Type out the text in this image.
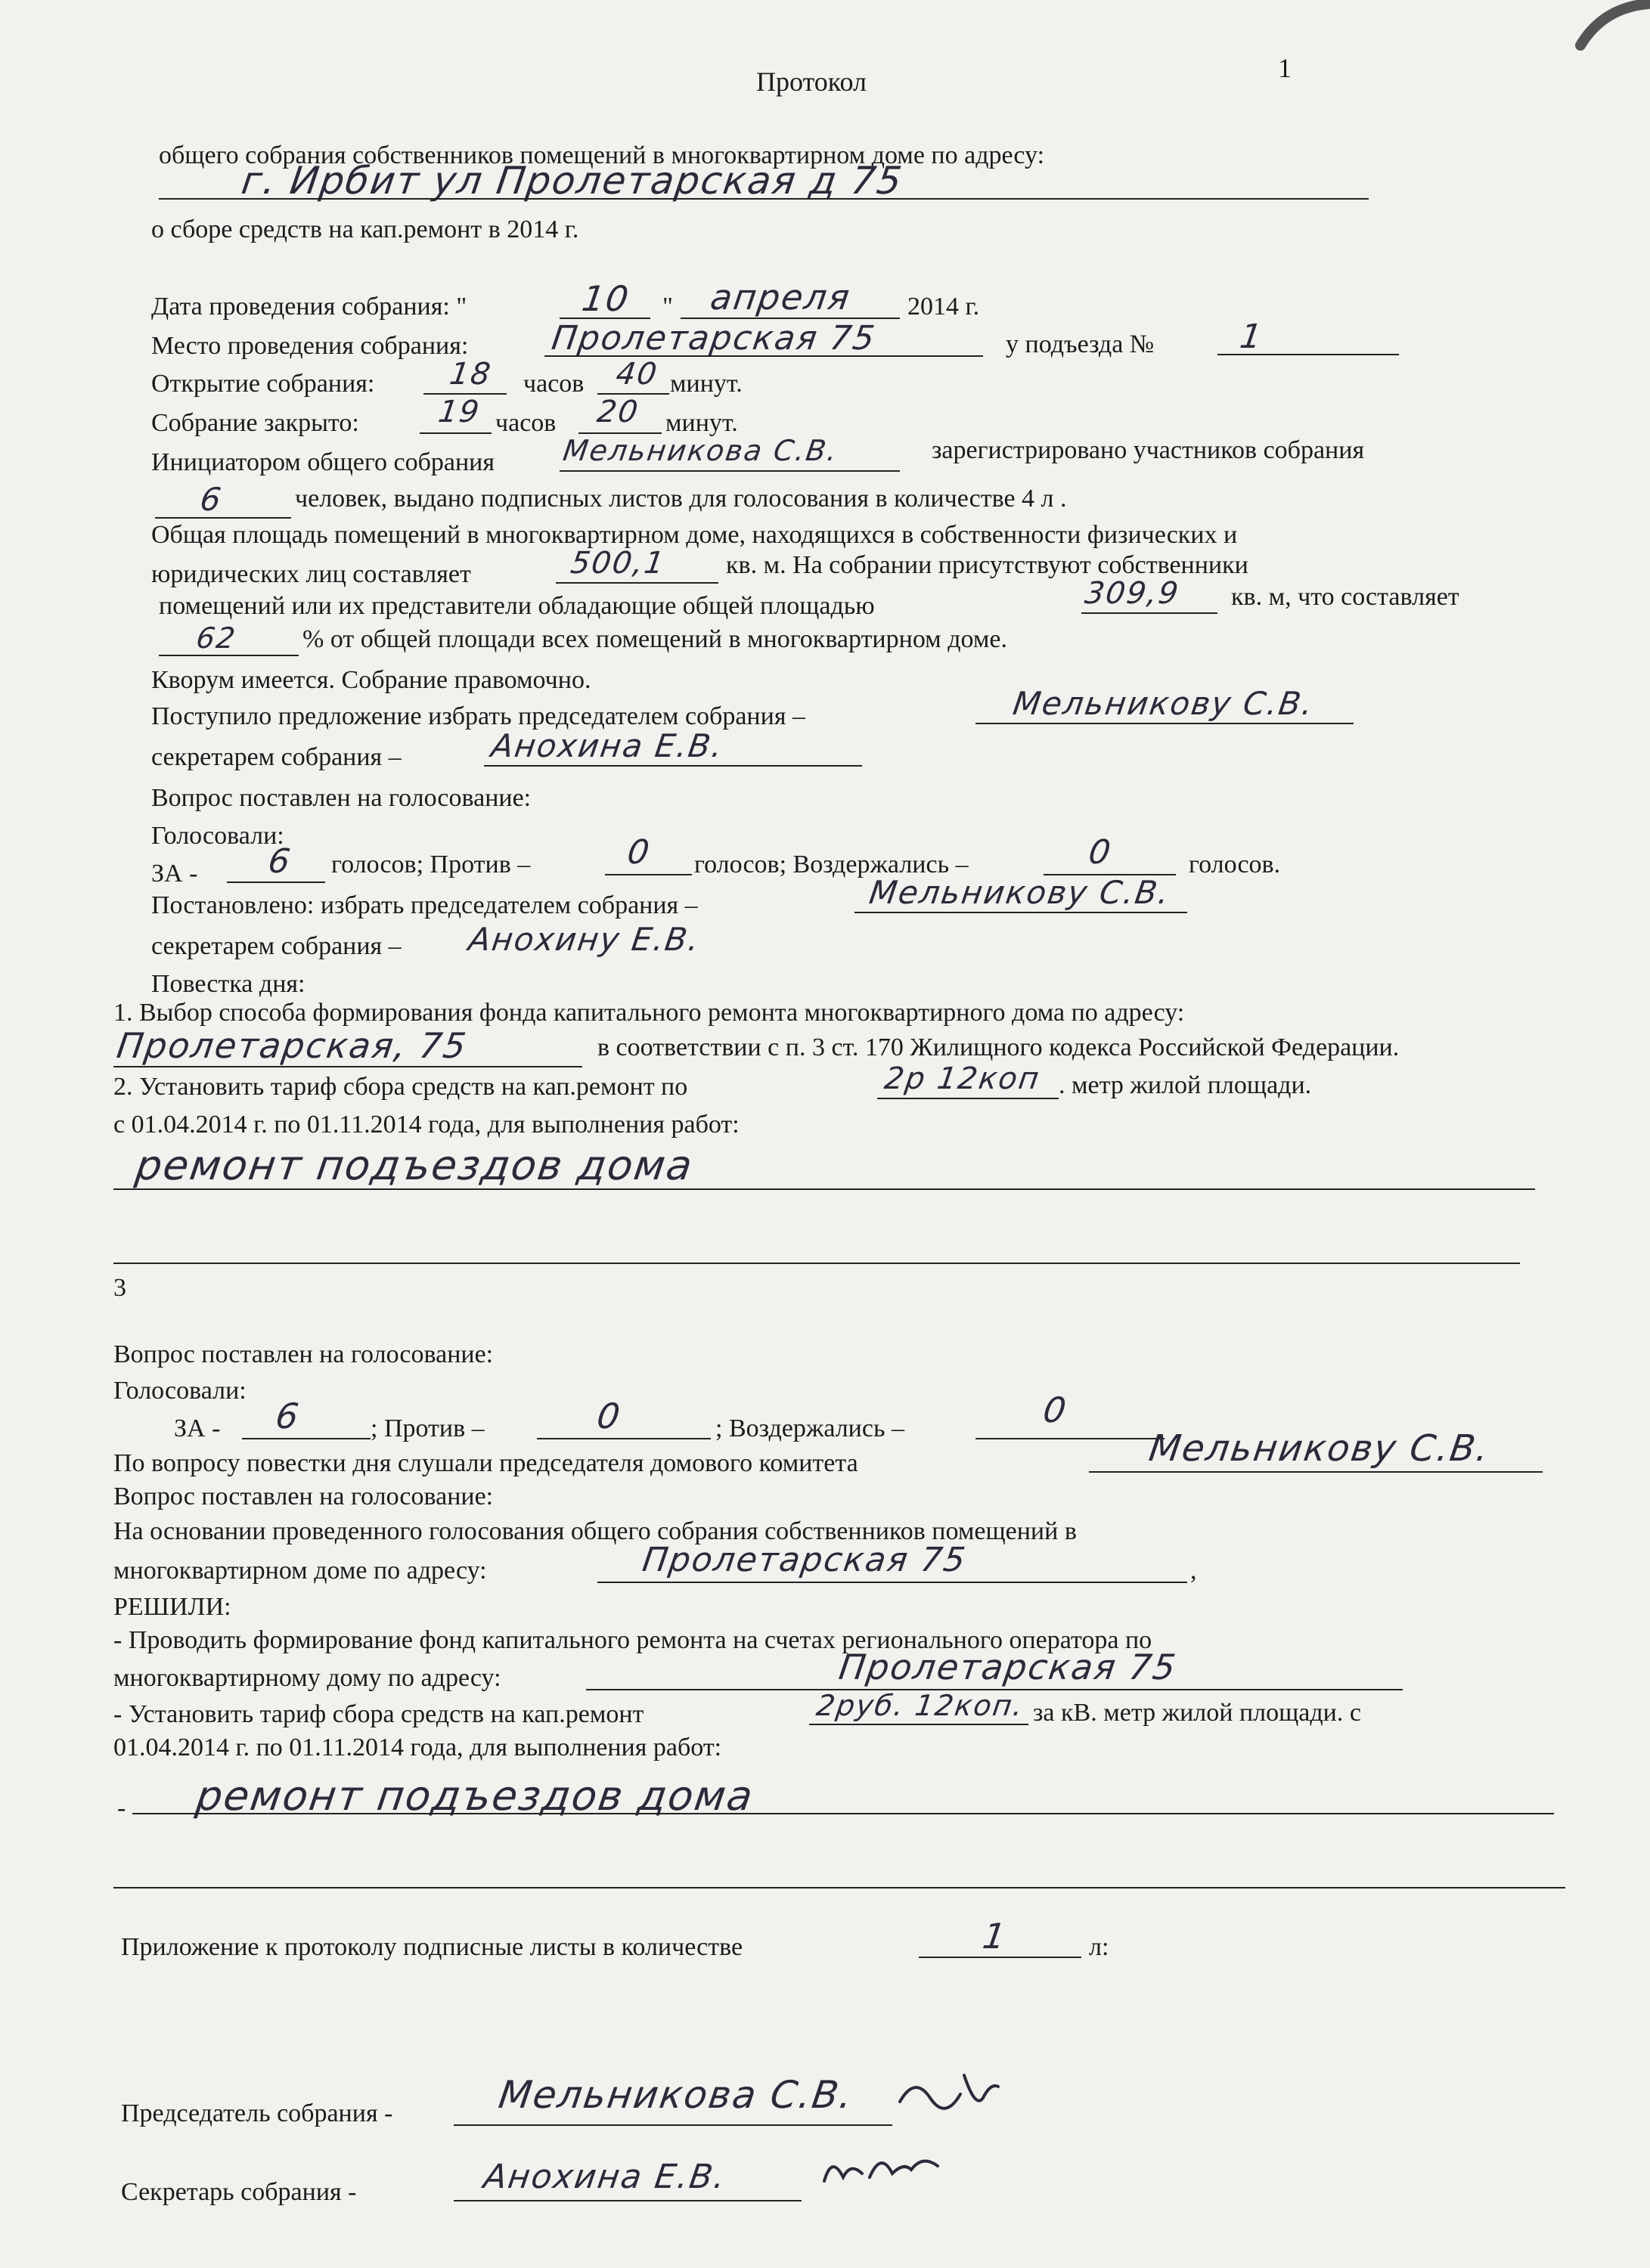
Протокол	1
общего собрания собственников помещений в многоквартирном доме по адресу:
г. Ирбит ул Пролетарская д 75
о сборе средств на кап.ремонт в 2014 г.
Дата проведения собрания: "	10 " апреля 2014 г.
Место проведения собрания: Пролетарская 75	у подъезда №	1
Открытие собрания: 18 часов 40 минут.
Собрание закрыто:	19 часов 20 минут.
Инициатором общего собрания Мельникова С.В.	зарегистрировано участников собрания
6	человек, выдано подписных листов для голосования в количестве 4 л .
Общая площадь помещений в многоквартирном доме, находящихся в собственности физических и
юридических лиц составляет	500,1 кв. м. На собрании присутствуют собственники
помещений или их представители обладающие общей площадью	309,9 кв. м, что составляет
62 % от общей площади всех помещений в многоквартирном доме.
Кворум имеется. Собрание правомочно.
Поступило предложение избрать председателем собрания –	Мельникову С.В.
секретарем собрания –	Анохина Е.В.
Вопрос поставлен на голосование:
Голосовали:
ЗА - 6 голосов; Против –	0 голосов; Воздержались –	0	голосов.
Постановлено: избрать председателем собрания –	Мельникову С.В.
секретарем собрания – Анохину Е.В.
Повестка дня:
1. Выбор способа формирования фонда капитального ремонта многоквартирного дома по адресу:
Пролетарская, 75	в соответствии с п. 3 ст. 170 Жилищного кодекса Российской Федерации.
2. Установить тариф сбора средств на кап.ремонт по	2р 12коп . метр жилой площади.
с 01.04.2014 г. по 01.11.2014 года, для выполнения работ:
ремонт подъездов дома
3
Вопрос поставлен на голосование:
Голосовали:
ЗА - 6	; Против –	0	; Воздержались –	0
По вопросу повестки дня слушали председателя домового комитета	Мельникову С.В.
Вопрос поставлен на голосование:
На основании проведенного голосования общего собрания собственников помещений в
многоквартирном доме по адресу:	Пролетарская 75	,
РЕШИЛИ:
- Проводить формирование фонд капитального ремонта на счетах регионального оператора по
многоквартирному дому по адресу:	Пролетарская 75
- Установить тариф сбора средств на кап.ремонт	2руб. 12коп. за кВ. метр жилой площади. с
01.04.2014 г. по 01.11.2014 года, для выполнения работ:
- ремонт подъездов дома
Приложение к протоколу подписные листы в количестве	1	л:
Председатель собрания -	Мельникова С.В.
Секретарь собрания -	Анохина Е.В.
